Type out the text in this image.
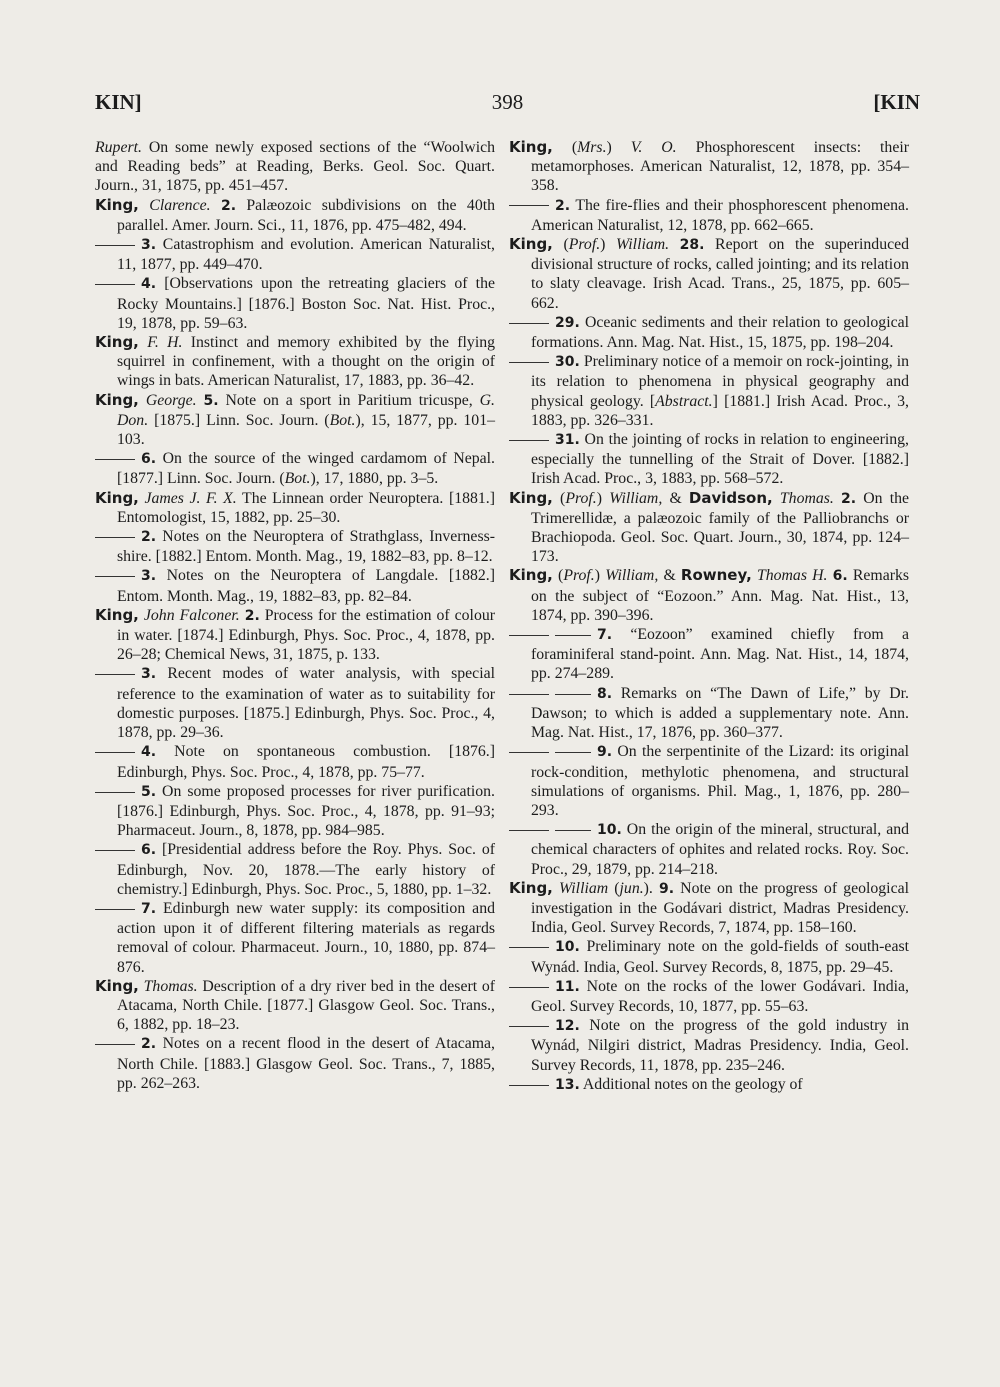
KIN]	398	[KIN

Rupert. On some newly exposed sections of the “Woolwich and Reading beds” at Reading, Berks. Geol. Soc. Quart. Journ., 31, 1875, pp. 451–457.

King, Clarence. 2. Palæozoic subdivisions on the 40th parallel. Amer. Journ. Sci., 11, 1876, pp. 475–482, 494.

3. Catastrophism and evolution. American Naturalist, 11, 1877, pp. 449–470.

4. [Observations upon the retreating glaciers of the Rocky Mountains.] [1876.] Boston Soc. Nat. Hist. Proc., 19, 1878, pp. 59–63.

King, F. H. Instinct and memory exhibited by the flying squirrel in confinement, with a thought on the origin of wings in bats. American Naturalist, 17, 1883, pp. 36–42.

King, George. 5. Note on a sport in Paritium tricuspe, G. Don. [1875.] Linn. Soc. Journ. (Bot.), 15, 1877, pp. 101–103.

6. On the source of the winged cardamom of Nepal. [1877.] Linn. Soc. Journ. (Bot.), 17, 1880, pp. 3–5.

King, James J. F. X. The Linnean order Neuroptera. [1881.] Entomologist, 15, 1882, pp. 25–30.

2. Notes on the Neuroptera of Strathglass, Inverness-shire. [1882.] Entom. Month. Mag., 19, 1882–83, pp. 8–12.

3. Notes on the Neuroptera of Langdale. [1882.] Entom. Month. Mag., 19, 1882–83, pp. 82–84.

King, John Falconer. 2. Process for the estimation of colour in water. [1874.] Edinburgh, Phys. Soc. Proc., 4, 1878, pp. 26–28; Chemical News, 31, 1875, p. 133.

3. Recent modes of water analysis, with special reference to the examination of water as to suitability for domestic purposes. [1875.] Edinburgh, Phys. Soc. Proc., 4, 1878, pp. 29–36.

4. Note on spontaneous combustion. [1876.] Edinburgh, Phys. Soc. Proc., 4, 1878, pp. 75–77.

5. On some proposed processes for river purification. [1876.] Edinburgh, Phys. Soc. Proc., 4, 1878, pp. 91–93; Pharmaceut. Journ., 8, 1878, pp. 984–985.

6. [Presidential address before the Roy. Phys. Soc. of Edinburgh, Nov. 20, 1878.—The early history of chemistry.] Edinburgh, Phys. Soc. Proc., 5, 1880, pp. 1–32.

7. Edinburgh new water supply: its composition and action upon it of different filtering materials as regards removal of colour. Pharmaceut. Journ., 10, 1880, pp. 874–876.

King, Thomas. Description of a dry river bed in the desert of Atacama, North Chile. [1877.] Glasgow Geol. Soc. Trans., 6, 1882, pp. 18–23.

2. Notes on a recent flood in the desert of Atacama, North Chile. [1883.] Glasgow Geol. Soc. Trans., 7, 1885, pp. 262–263.

King, (Mrs.) V. O. Phosphorescent insects: their metamorphoses. American Naturalist, 12, 1878, pp. 354–358.

2. The fire-flies and their phosphorescent phenomena. American Naturalist, 12, 1878, pp. 662–665.

King, (Prof.) William. 28. Report on the superinduced divisional structure of rocks, called jointing; and its relation to slaty cleavage. Irish Acad. Trans., 25, 1875, pp. 605–662.

29. Oceanic sediments and their relation to geological formations. Ann. Mag. Nat. Hist., 15, 1875, pp. 198–204.

30. Preliminary notice of a memoir on rock-jointing, in its relation to phenomena in physical geography and physical geology. [Abstract.] [1881.] Irish Acad. Proc., 3, 1883, pp. 326–331.

31. On the jointing of rocks in relation to engineering, especially the tunnelling of the Strait of Dover. [1882.] Irish Acad. Proc., 3, 1883, pp. 568–572.

King, (Prof.) William, & Davidson, Thomas. 2. On the Trimerellidæ, a palæozoic family of the Palliobranchs or Brachiopoda. Geol. Soc. Quart. Journ., 30, 1874, pp. 124–173.

King, (Prof.) William, & Rowney, Thomas H. 6. Remarks on the subject of “Eozoon.” Ann. Mag. Nat. Hist., 13, 1874, pp. 390–396.

7. “Eozoon” examined chiefly from a foraminiferal stand-point. Ann. Mag. Nat. Hist., 14, 1874, pp. 274–289.

8. Remarks on “The Dawn of Life,” by Dr. Dawson; to which is added a supplementary note. Ann. Mag. Nat. Hist., 17, 1876, pp. 360–377.

9. On the serpentinite of the Lizard: its original rock-condition, methylotic phenomena, and structural simulations of organisms. Phil. Mag., 1, 1876, pp. 280–293.

10. On the origin of the mineral, structural, and chemical characters of ophites and related rocks. Roy. Soc. Proc., 29, 1879, pp. 214–218.

King, William (jun.). 9. Note on the progress of geological investigation in the Godávari district, Madras Presidency. India, Geol. Survey Records, 7, 1874, pp. 158–160.

10. Preliminary note on the gold-fields of south-east Wynád. India, Geol. Survey Records, 8, 1875, pp. 29–45.

11. Note on the rocks of the lower Godávari. India, Geol. Survey Records, 10, 1877, pp. 55–63.

12. Note on the progress of the gold industry in Wynád, Nilgiri district, Madras Presidency. India, Geol. Survey Records, 11, 1878, pp. 235–246.

13. Additional notes on the geology of
